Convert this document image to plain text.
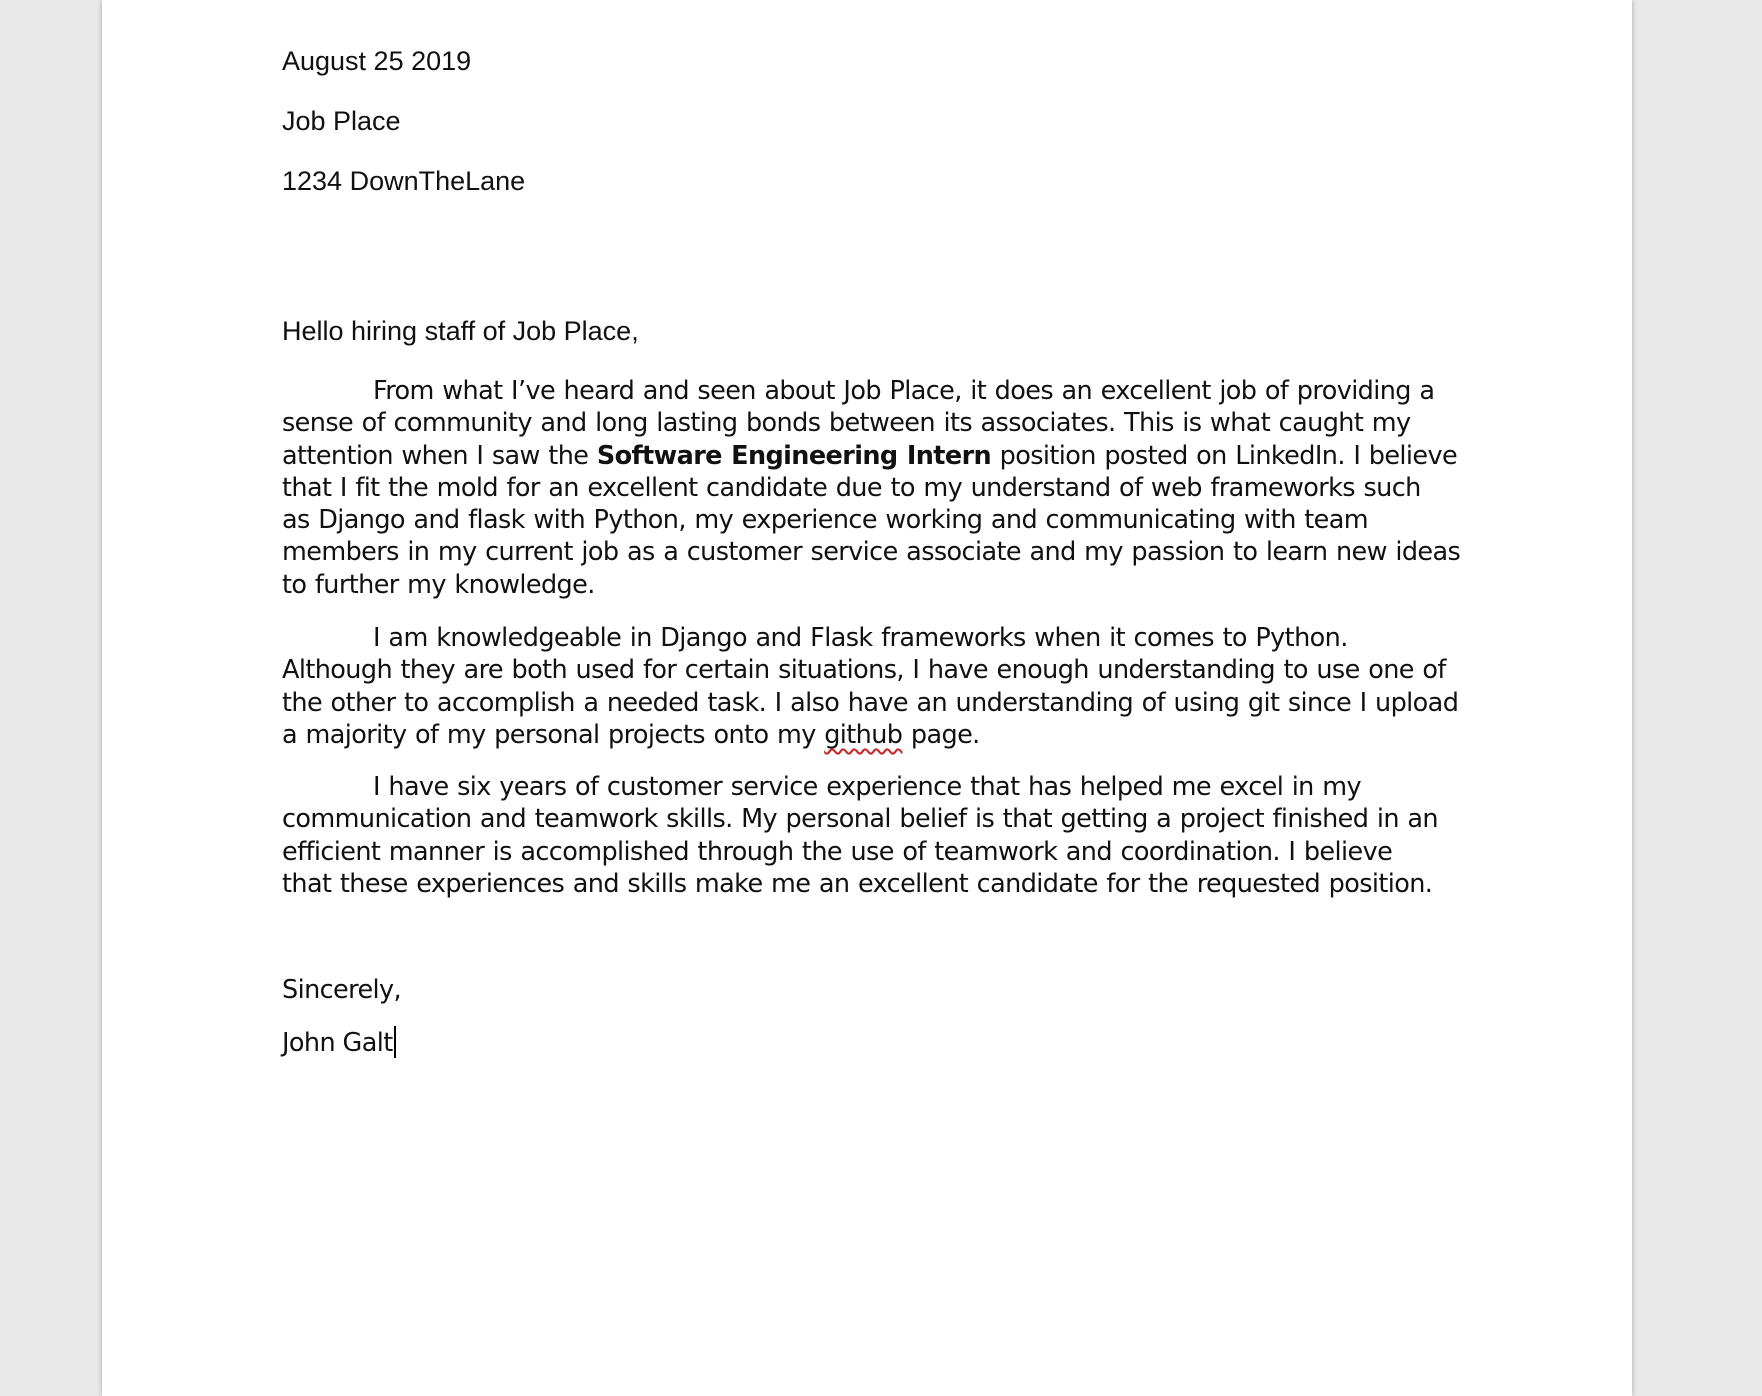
August 25 2019

Job Place

1234 DownTheLane

Hello hiring staff of Job Place,

From what I’ve heard and seen about Job Place, it does an excellent job of providing a
sense of community and long lasting bonds between its associates. This is what caught my
attention when I saw the Software Engineering Intern position posted on LinkedIn. I believe
that I fit the mold for an excellent candidate due to my understand of web frameworks such
as Django and flask with Python, my experience working and communicating with team
members in my current job as a customer service associate and my passion to learn new ideas
to further my knowledge.

I am knowledgeable in Django and Flask frameworks when it comes to Python.
Although they are both used for certain situations, I have enough understanding to use one of
the other to accomplish a needed task. I also have an understanding of using git since I upload
a majority of my personal projects onto my github page.

I have six years of customer service experience that has helped me excel in my
communication and teamwork skills. My personal belief is that getting a project finished in an
efficient manner is accomplished through the use of teamwork and coordination. I believe
that these experiences and skills make me an excellent candidate for the requested position.

Sincerely,

John Galt
